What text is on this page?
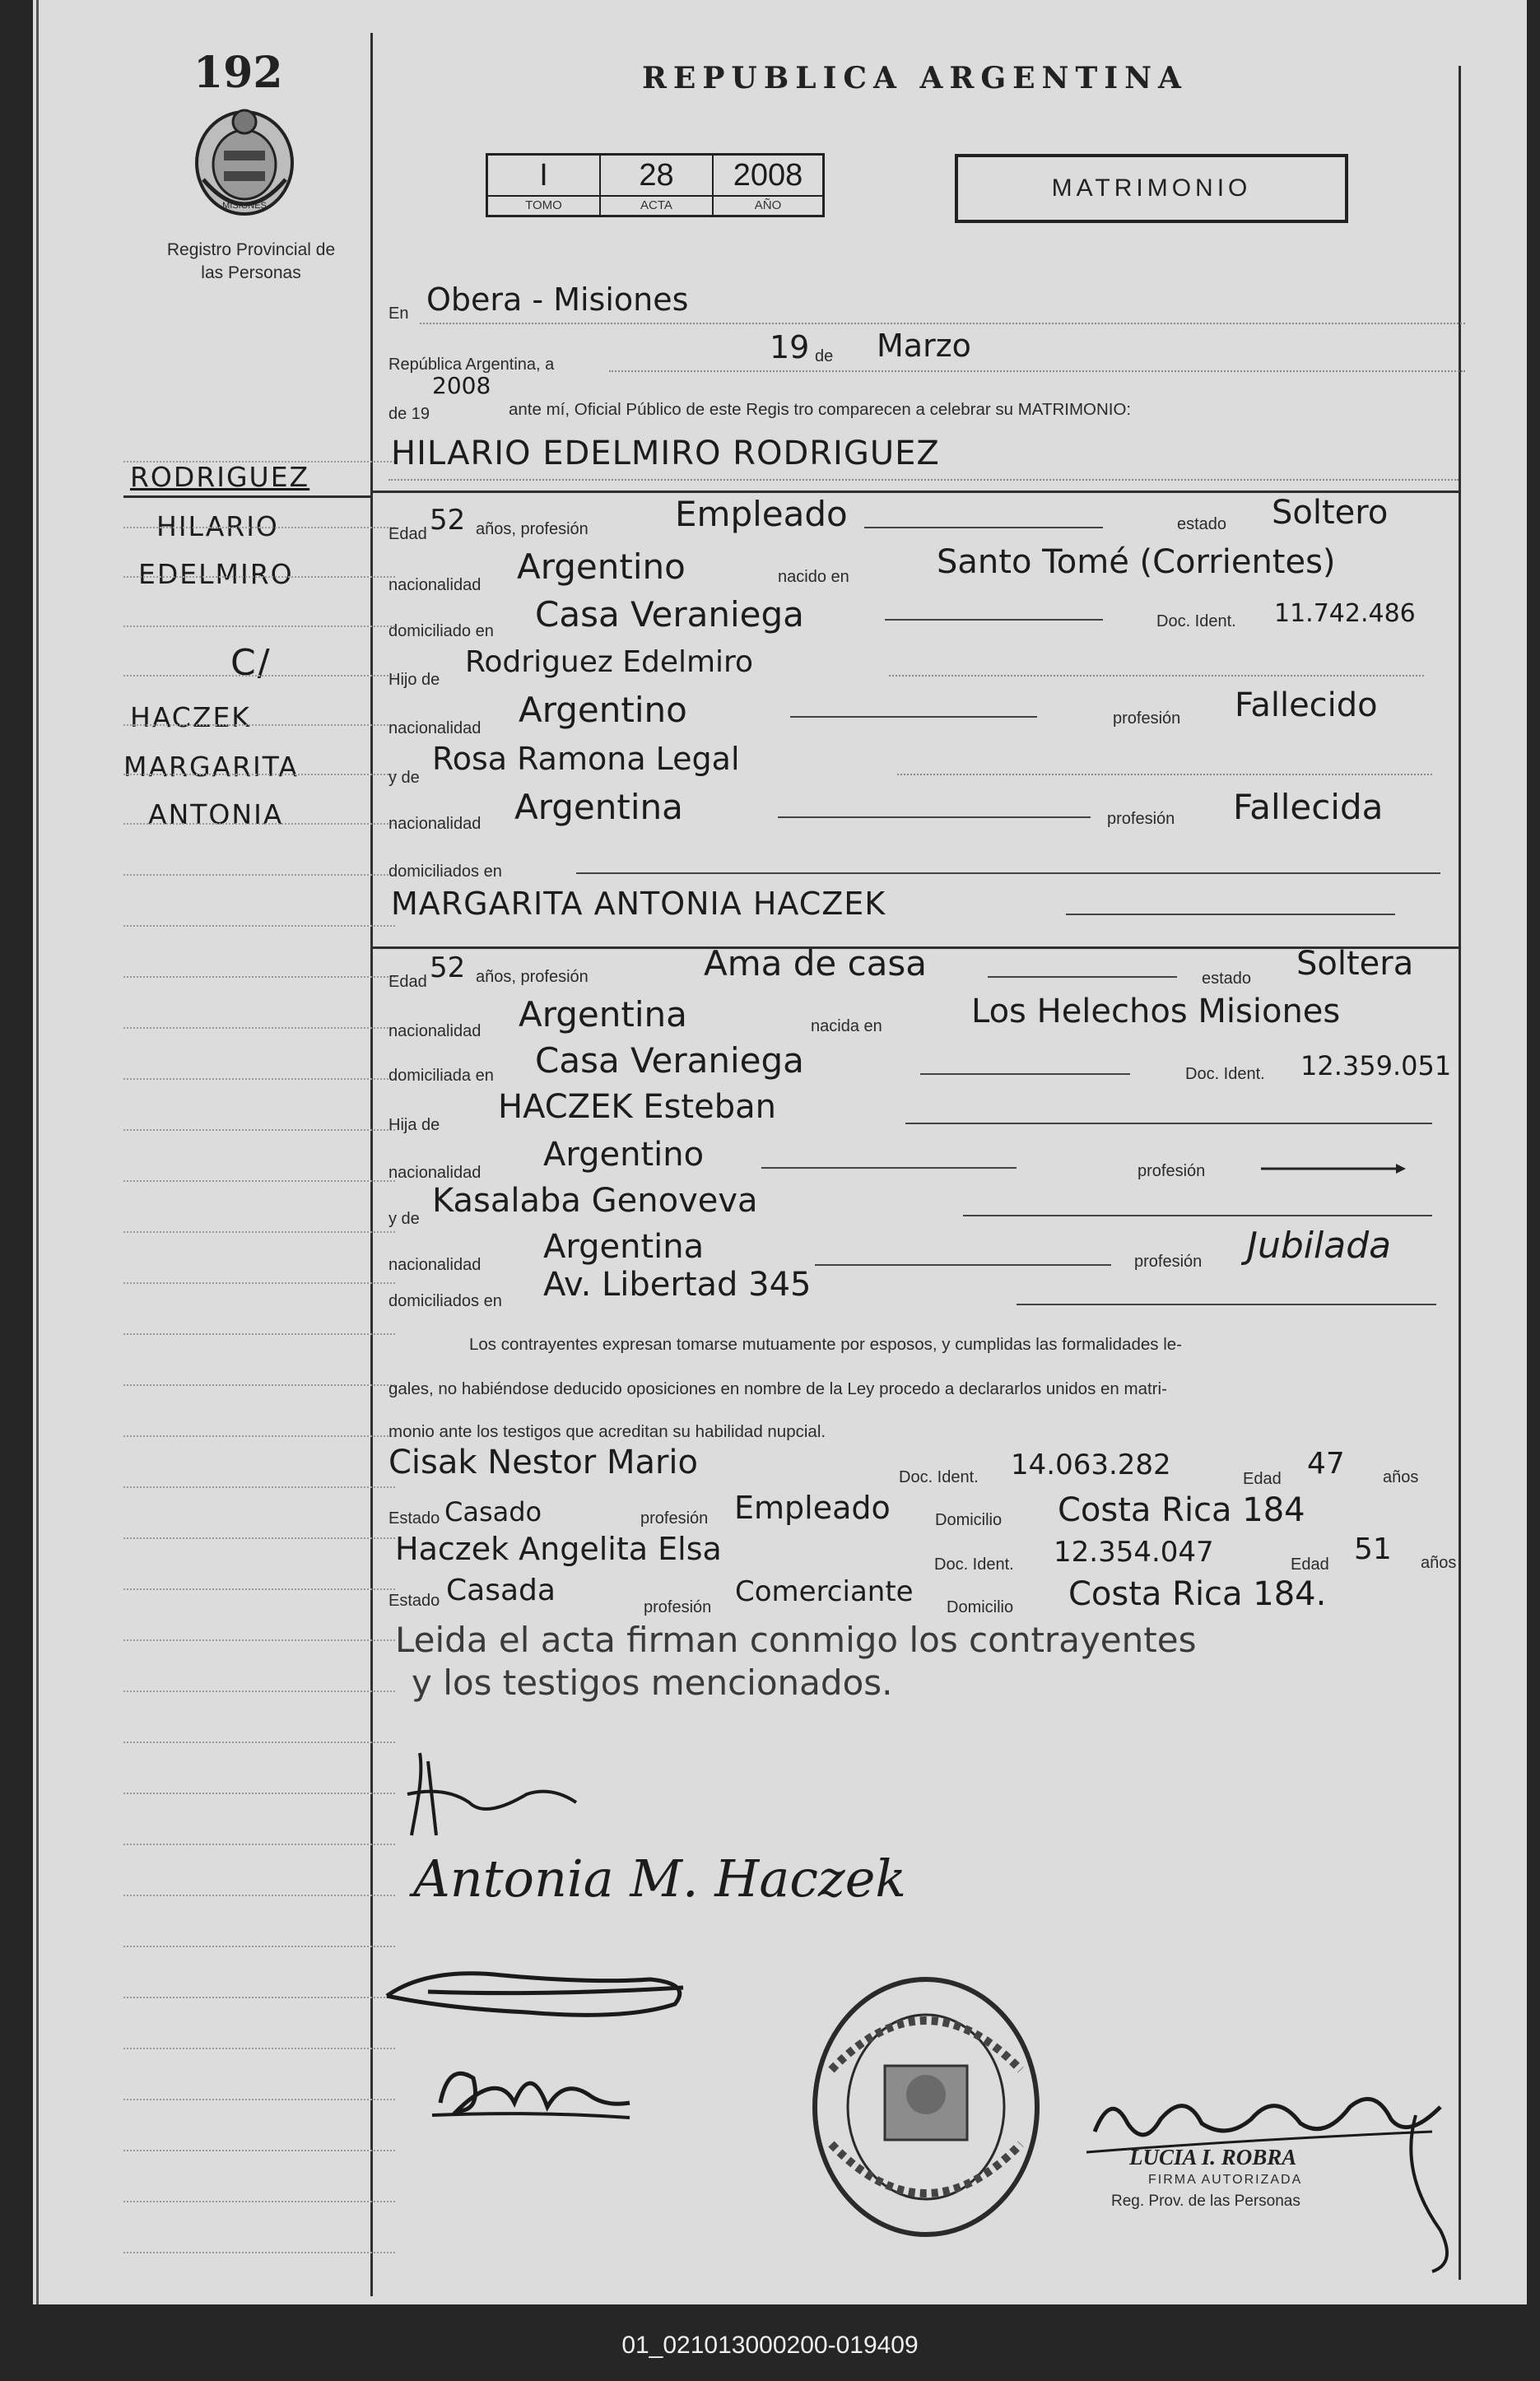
192
MISIONES
Registro Provincial de las Personas
RODRIGUEZ
HILARIO
EDELMIRO
C/
HACZEK
MARGARITA
ANTONIA
REPUBLICA ARGENTINA
I	28	2008
TOMO	ACTA	AÑO
MATRIMONIO
En Obera - Misiones
República Argentina, a	19 de Marzo
de 19
2008
ante mí, Oficial Público de este Regis tro comparecen a celebrar su MATRIMONIO:
HILARIO EDELMIRO RODRIGUEZ
Edad 52 años, profesión	Empleado	estado Soltero
nacionalidad Argentino	nacido en	Santo Tomé (Corrientes)
domiciliado en Casa Veraniega	Doc. Ident. 11.742.486
Hijo de
Rodriguez Edelmiro
nacionalidad Argentino	profesión Fallecido
y de
Rosa Ramona Legal
nacionalidad Argentina	profesión Fallecida
domiciliados en
MARGARITA ANTONIA HACZEK
Edad 52 años, profesión	Ama de casa	estado Soltera
nacionalidad Argentina	nacida en	Los Helechos Misiones
domiciliada en Casa Veraniega	Doc. Ident. 12.359.051
Hija de HACZEK Esteban
nacionalidad Argentino	profesión
y de Kasalaba Genoveva
nacionalidad Argentina	profesión Jubilada
domiciliados en Av. Libertad 345
Los contrayentes expresan tomarse mutuamente por esposos, y cumplidas las formalidades le-
gales, no habiéndose deducido oposiciones en nombre de la Ley procedo a declararlos unidos en matri-
monio ante los testigos que acreditan su habilidad nupcial.
Cisak Nestor Mario	Doc. Ident. 14.063.282	Edad 47 años
Estado Casado	profesión Empleado	Domicilio Costa Rica 184
Haczek Angelita Elsa	Doc. Ident. 12.354.047	Edad 51 años
Estado Casada	profesión Comerciante Domicilio Costa Rica 184.
Leida el acta firman conmigo los contrayentes
y los testigos mencionados.
Antonia M. Haczek
LUCIA I. ROBRA
FIRMA AUTORIZADA
Reg. Prov. de las Personas
01_021013000200-019409
